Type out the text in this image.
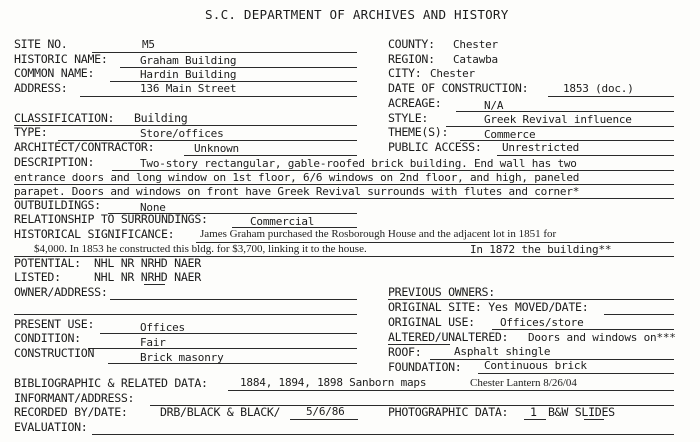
S.C. DEPARTMENT OF ARCHIVES AND HISTORY
SITE NO.	M5
HISTORIC NAME:	Graham Building
COMMON NAME:	Hardin Building
ADDRESS:	136 Main Street
COUNTY: Chester
REGION: Catawba
CITY: Chester
DATE OF CONSTRUCTION:	1853 (doc.)
ACREAGE:	N/A
CLASSIFICATION: Building	STYLE:	Greek Revival influence
TYPE:	Store/offices	THEME(S):	Commerce
ARCHITECT/CONTRACTOR:	Unknown	PUBLIC ACCESS: Unrestricted
DESCRIPTION:	Two-story rectangular, gable-roofed brick building. End wall has two
entrance doors and long window on 1st floor, 6/6 windows on 2nd floor, and high, paneled
parapet. Doors and windows on front have Greek Revival surrounds with flutes and corner*
OUTBUILDINGS:	None
RELATIONSHIP TO SURROUNDINGS:	Commercial
HISTORICAL SIGNIFICANCE: James Graham purchased the Rosborough House and the adjacent lot in 1851 for
$4,000. In 1853 he constructed this bldg. for $3,700, linking it to the house.	In 1872 the building**
POTENTIAL: NHL NR NRHD NAER
LISTED:	NHL NR NRHD NAER
OWNER/ADDRESS:	PREVIOUS OWNERS:
ORIGINAL SITE: Yes MOVED/DATE:
ORIGINAL USE: Offices/store
PRESENT USE:	Offices
ALTERED/UNALTERED: Doors and windows on***
CONDITION:	Fair
ROOF:	Asphalt shingle
CONSTRUCTION	Brick masonry
FOUNDATION: Continuous brick
BIBLIOGRAPHIC & RELATED DATA:	1884, 1894, 1898 Sanborn maps	Chester Lantern 8/26/04
INFORMANT/ADDRESS:
RECORDED BY/DATE:	DRB/BLACK & BLACK/ 5/6/86	PHOTOGRAPHIC DATA: 1 B&W SLIDES
EVALUATION:
